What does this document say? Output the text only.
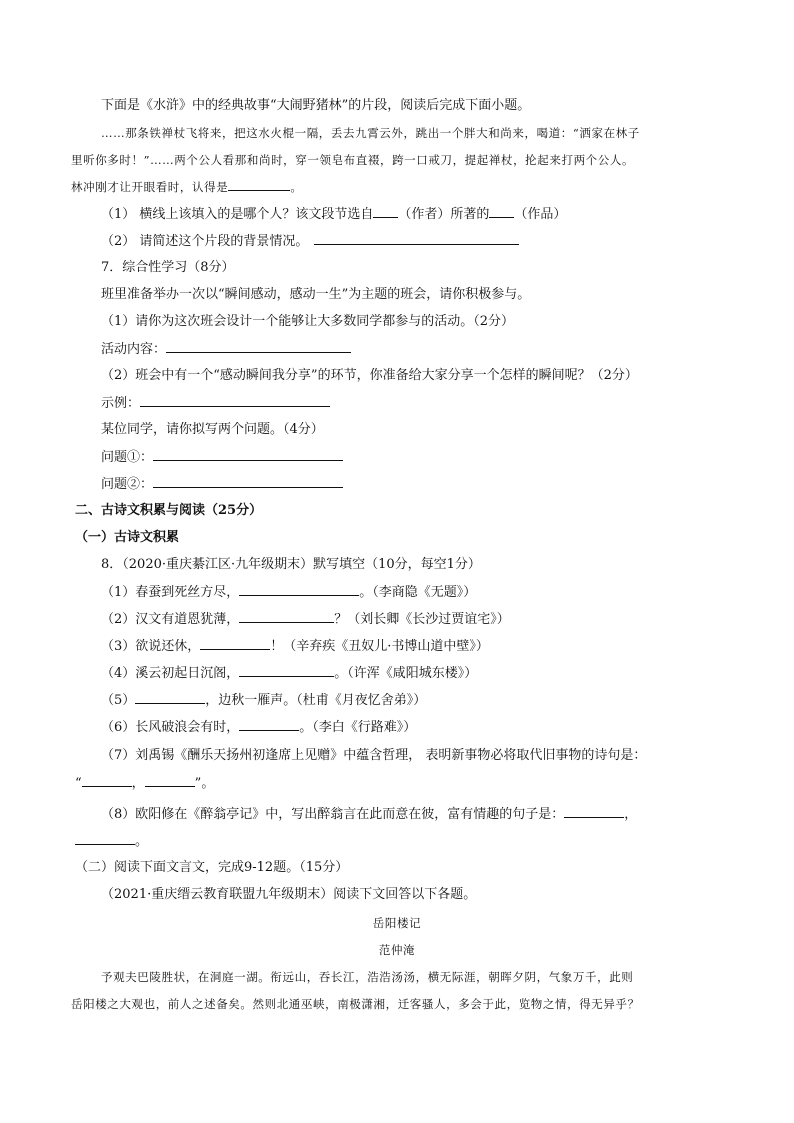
下面是《水浒》中的经典故事“大闹野猪林”的片段，阅读后完成下面小题。
……那条铁禅杖飞将来，把这水火棍一隔，丢去九霄云外，跳出一个胖大和尚来，喝道：“洒家在林子
里听你多时！”……两个公人看那和尚时，穿一领皂布直裰，跨一口戒刀，提起禅杖，抡起来打两个公人。
林冲刚才让开眼看时，认得是	。
（1） 横线上该填入的是哪个人？该文段节选自 （作者）所著的 （作品）
（2） 请简述这个片段的背景情况。
7．综合性学习（8分）
班里准备举办一次以“瞬间感动，感动一生”为主题的班会，请你积极参与。
（1）请你为这次班会设计一个能够让大多数同学都参与的活动。（2分）
活动内容：
（2）班会中有一个“感动瞬间我分享”的环节，你准备给大家分享一个怎样的瞬间呢？（2分）
示例：
某位同学，请你拟写两个问题。（4分）
问题①：
问题②：
二、古诗文积累与阅读（25分）
（一）古诗文积累
8．（2020·重庆綦江区·九年级期末）默写填空（10分，每空1分）
（1）春蚕到死丝方尽，	。（李商隐《无题》）
（2）汉文有道恩犹薄，	？（刘长卿《长沙过贾谊宅》）
（3）欲说还休，	！（辛弃疾《丑奴儿·书博山道中壁》）
（4）溪云初起日沉阁，	。（许浑《咸阳城东楼》）
（5）	，边秋一雁声。（杜甫《月夜忆舍弟》）
（6）长风破浪会有时，	。（李白《行路难》）
（7）刘禹锡《酬乐天扬州初逢席上见赠》中蕴含哲理， 表明新事物必将取代旧事物的诗句是：
“	，	”。
（8）欧阳修在《醉翁亭记》中，写出醉翁言在此而意在彼，富有情趣的句子是：	，
。
（二）阅读下面文言文，完成9-12题。（15分）
（2021·重庆缙云教育联盟九年级期末）阅读下文回答以下各题。
岳阳楼记
范仲淹
予观夫巴陵胜状，在洞庭一湖。衔远山，吞长江，浩浩汤汤，横无际涯，朝晖夕阴，气象万千，此则
岳阳楼之大观也，前人之述备矣。然则北通巫峡，南极潇湘，迁客骚人，多会于此，览物之情，得无异乎？
